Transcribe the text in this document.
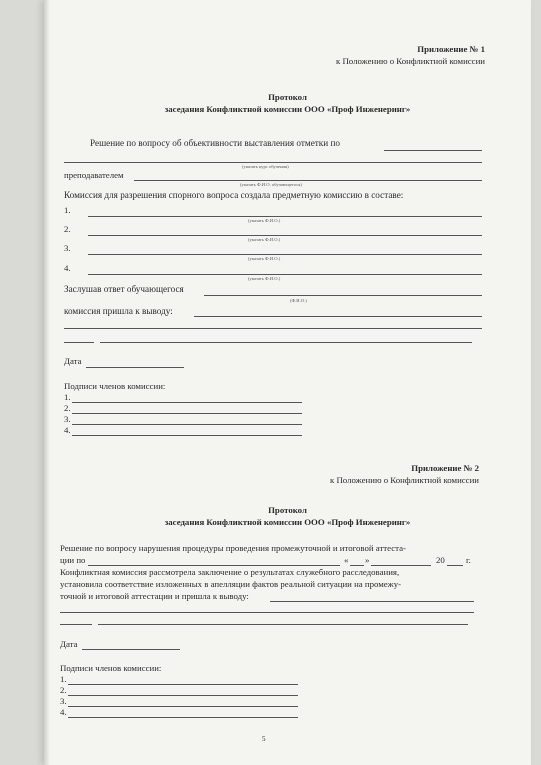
Приложение № 1
к Положению о Конфликтной комиссии
Протокол
заседания Конфликтной комиссии ООО «Проф Инженеринг»
Решение по вопросу об объективности выставления отметки по
(указать курс обучения)
преподавателем
(указать Ф.И.О. обучающегося)
Комиссия для разрешения спорного вопроса создала предметную комиссию в составе:
1.
(указать Ф.И.О.)
2.
(указать Ф.И.О.)
3.
(указать Ф.И.О.)
4.
(указать Ф.И.О.)
Заслушав ответ обучающегося
(Ф.И.О.)
комиссия пришла к выводу:
Дата
Подписи членов комиссии:
1.
2.
3.
4.
Приложение № 2
к Положению о Конфликтной комиссии
Протокол
заседания Конфликтной комиссии ООО «Проф Инженеринг»
Решение по вопросу нарушения процедуры проведения промежуточной и итоговой аттеста-
ции по	« »	20 г.
Конфликтная комиссия рассмотрела заключение о результатах служебного расследования,
установила соответствие изложенных в апелляции фактов реальной ситуации на промежу-
точной и итоговой аттестации и пришла к выводу:
Дата
Подписи членов комиссии:
1.
2.
3.
4.
5
